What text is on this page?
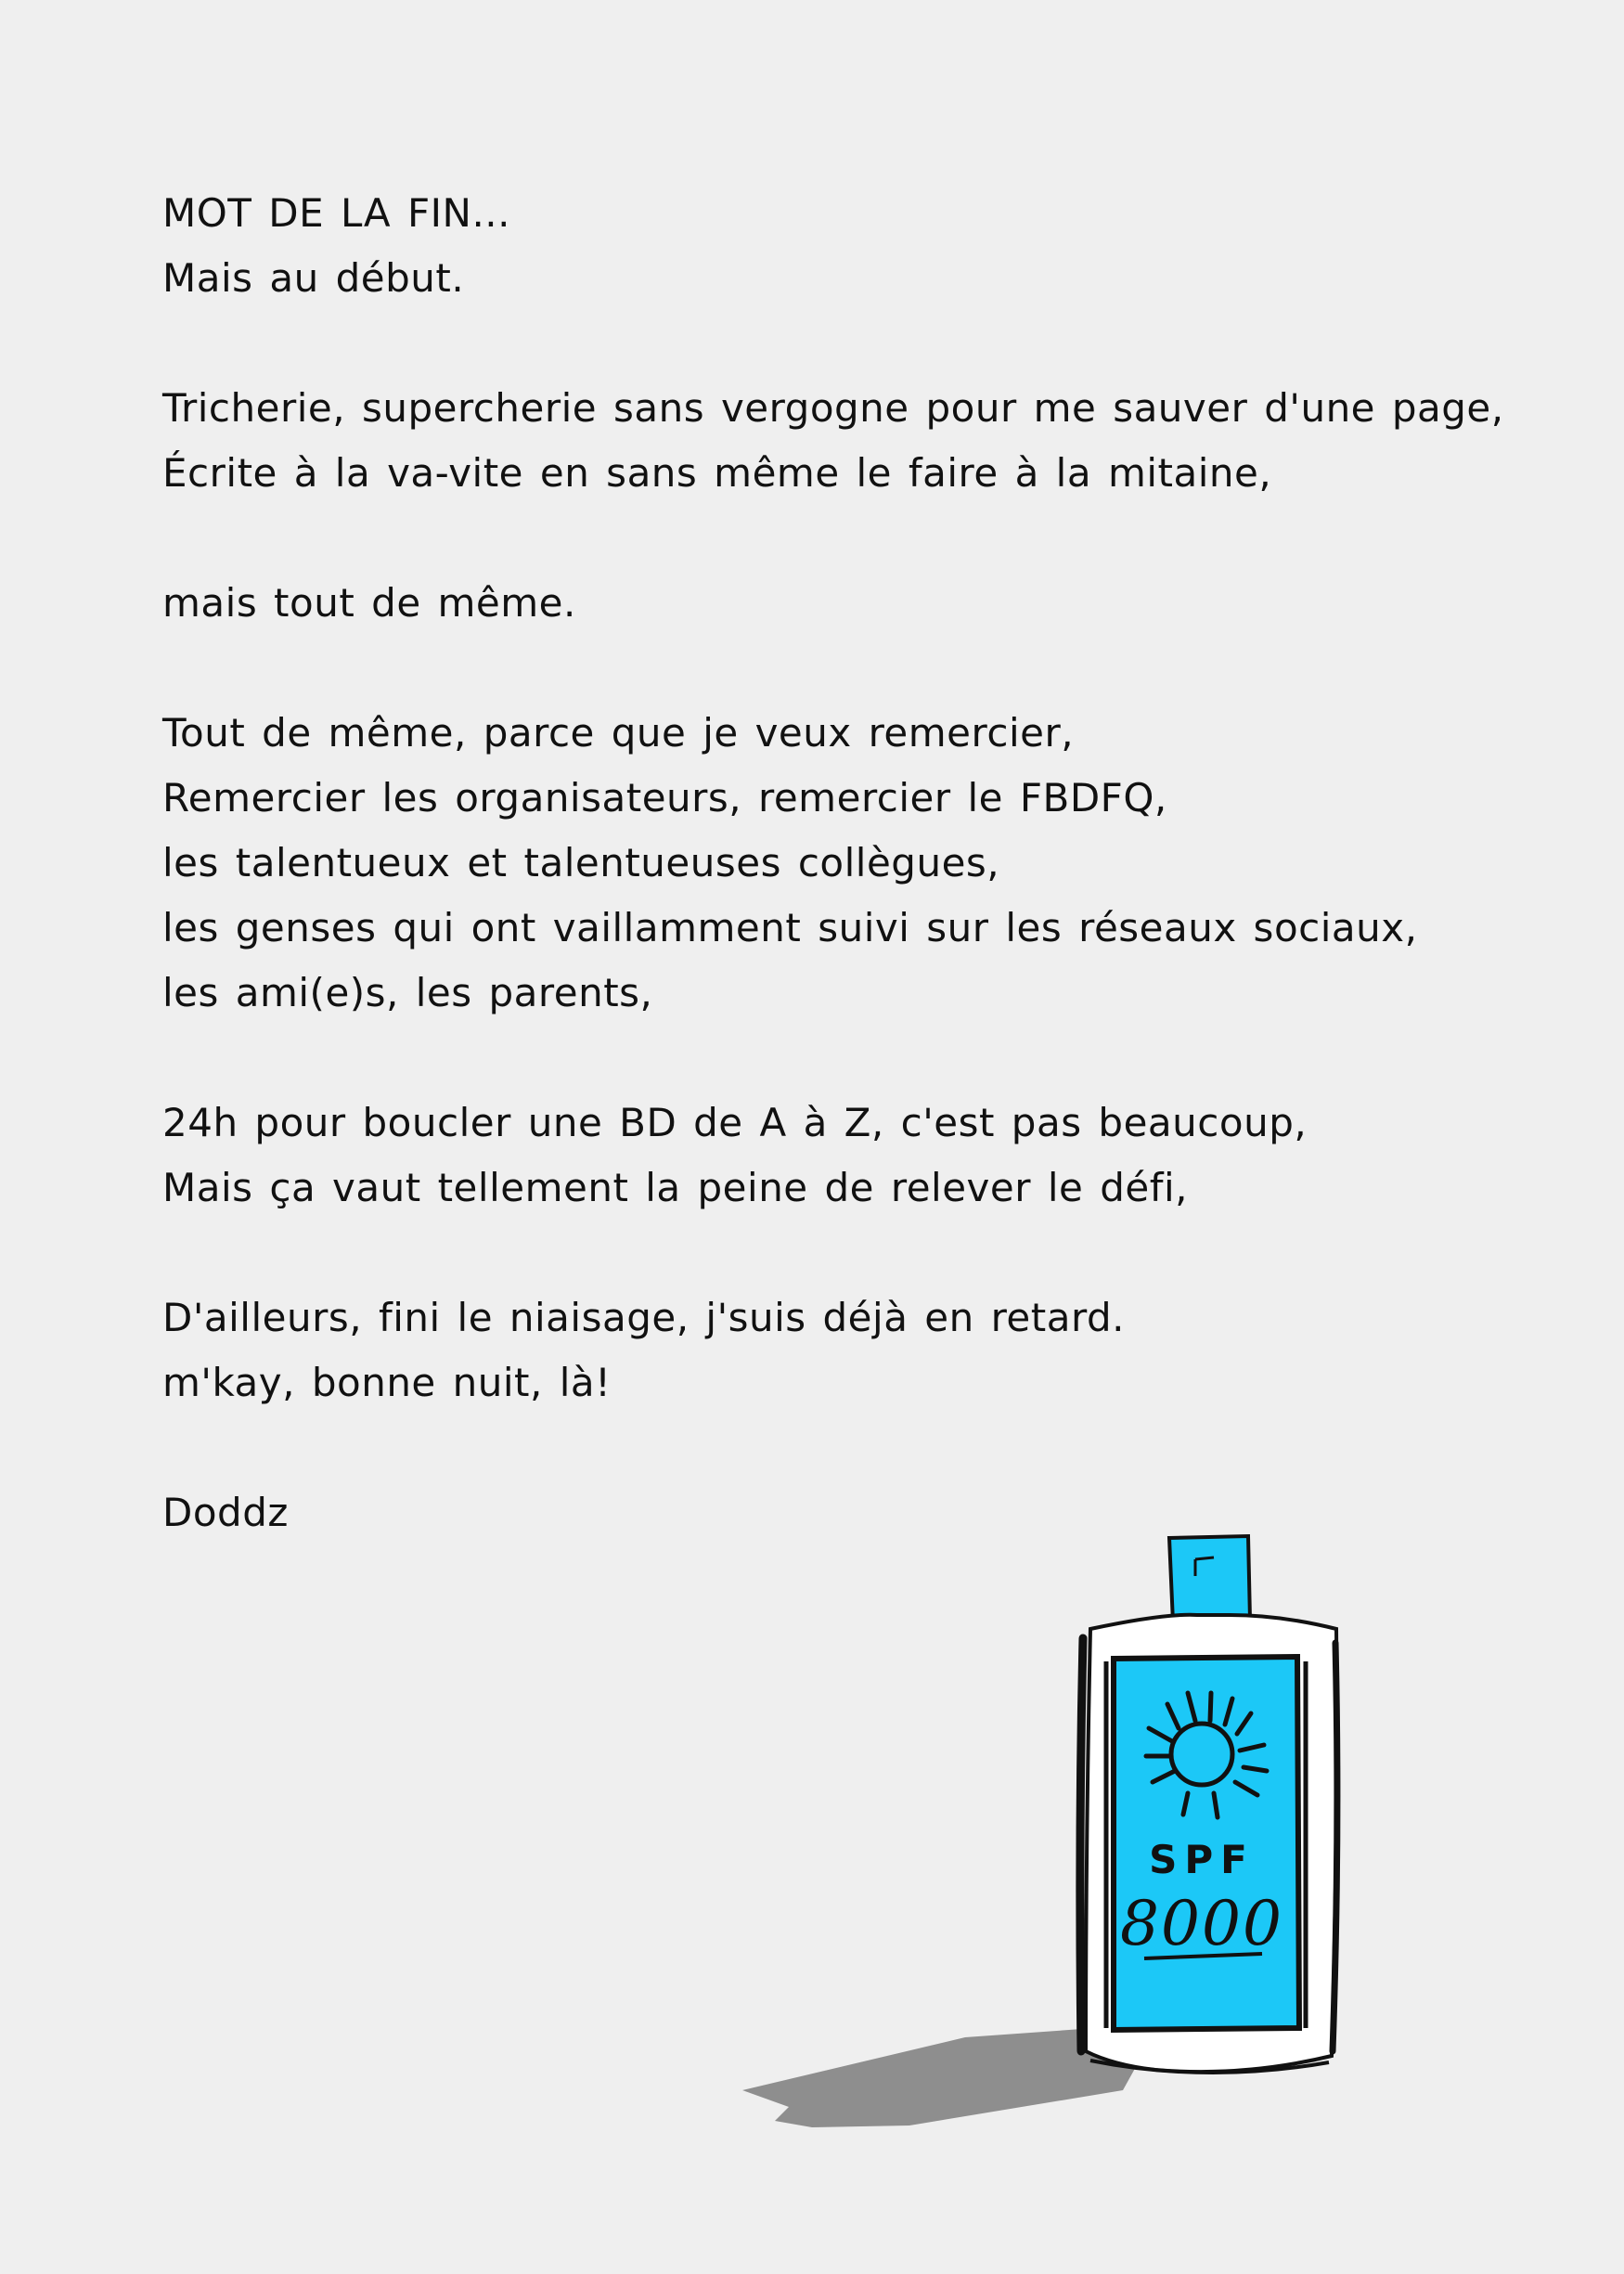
MOT DE LA FIN...
Mais au début.
Tricherie, supercherie sans vergogne pour me sauver d'une page,
Écrite à la va-vite en sans même le faire à la mitaine,
mais tout de même.
Tout de même, parce que je veux remercier,
Remercier les organisateurs, remercier le FBDFQ,
les talentueux et talentueuses collègues,
les genses qui ont vaillamment suivi sur les réseaux sociaux,
les ami(e)s, les parents,
24h pour boucler une BD de A à Z, c'est pas beaucoup,
Mais ça vaut tellement la peine de relever le défi,
D'ailleurs, fini le niaisage, j'suis déjà en retard.
m'kay, bonne nuit, là!
Doddz
SPF
8000
